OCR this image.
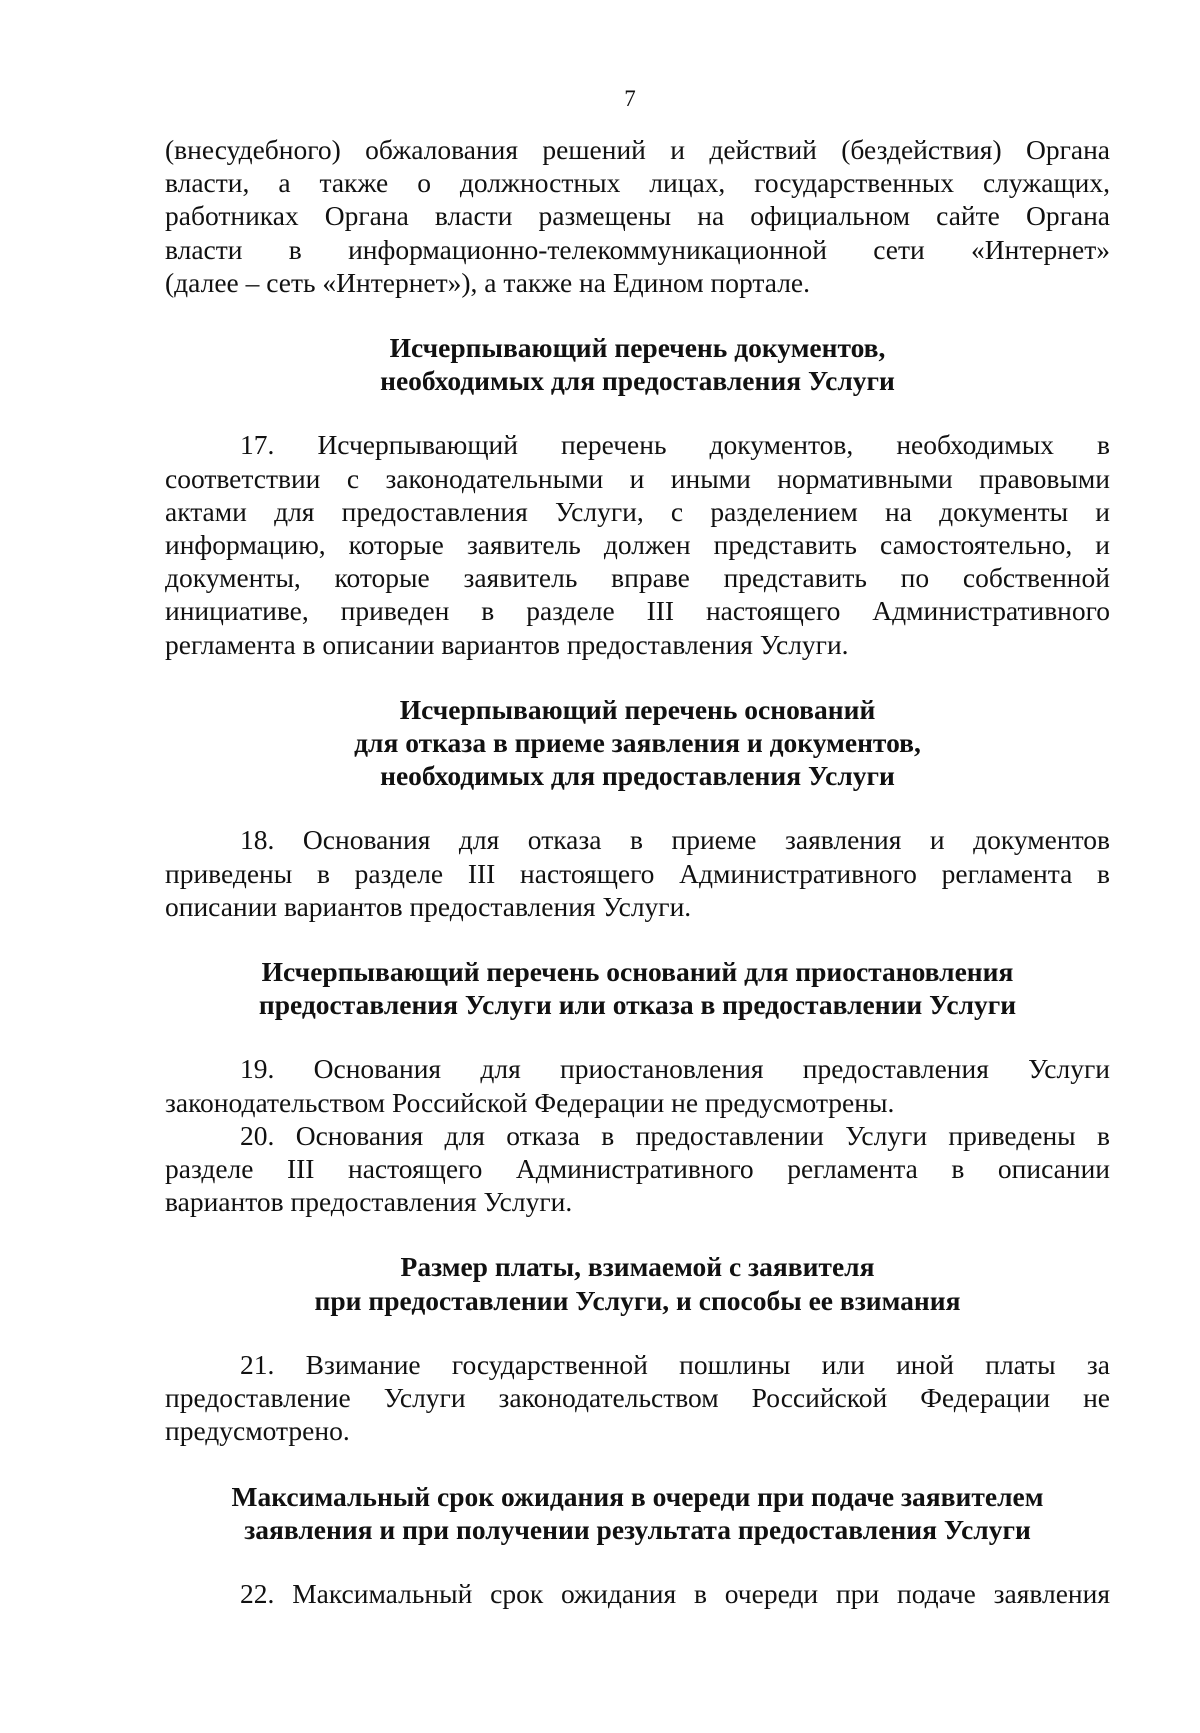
7

(внесудебного) обжалования решений и действий (бездействия) Органа
власти, а также о должностных лицах, государственных служащих,
работниках Органа власти размещены на официальном сайте Органа
власти в информационно-телекоммуникационной сети «Интернет»
(далее – сеть «Интернет»), а также на Едином портале.

Исчерпывающий перечень документов,
необходимых для предоставления Услуги

17. Исчерпывающий перечень документов, необходимых в
соответствии с законодательными и иными нормативными правовыми
актами для предоставления Услуги, с разделением на документы и
информацию, которые заявитель должен представить самостоятельно, и
документы, которые заявитель вправе представить по собственной
инициативе, приведен в разделе III настоящего Административного
регламента в описании вариантов предоставления Услуги.

Исчерпывающий перечень оснований
для отказа в приеме заявления и документов,
необходимых для предоставления Услуги

18. Основания для отказа в приеме заявления и документов
приведены в разделе III настоящего Административного регламента в
описании вариантов предоставления Услуги.

Исчерпывающий перечень оснований для приостановления
предоставления Услуги или отказа в предоставлении Услуги

19. Основания для приостановления предоставления Услуги
законодательством Российской Федерации не предусмотрены.

20. Основания для отказа в предоставлении Услуги приведены в
разделе III настоящего Административного регламента в описании
вариантов предоставления Услуги.

Размер платы, взимаемой с заявителя
при предоставлении Услуги, и способы ее взимания

21. Взимание государственной пошлины или иной платы за
предоставление Услуги законодательством Российской Федерации не
предусмотрено.

Максимальный срок ожидания в очереди при подаче заявителем
заявления и при получении результата предоставления Услуги

22. Максимальный срок ожидания в очереди при подаче заявления
